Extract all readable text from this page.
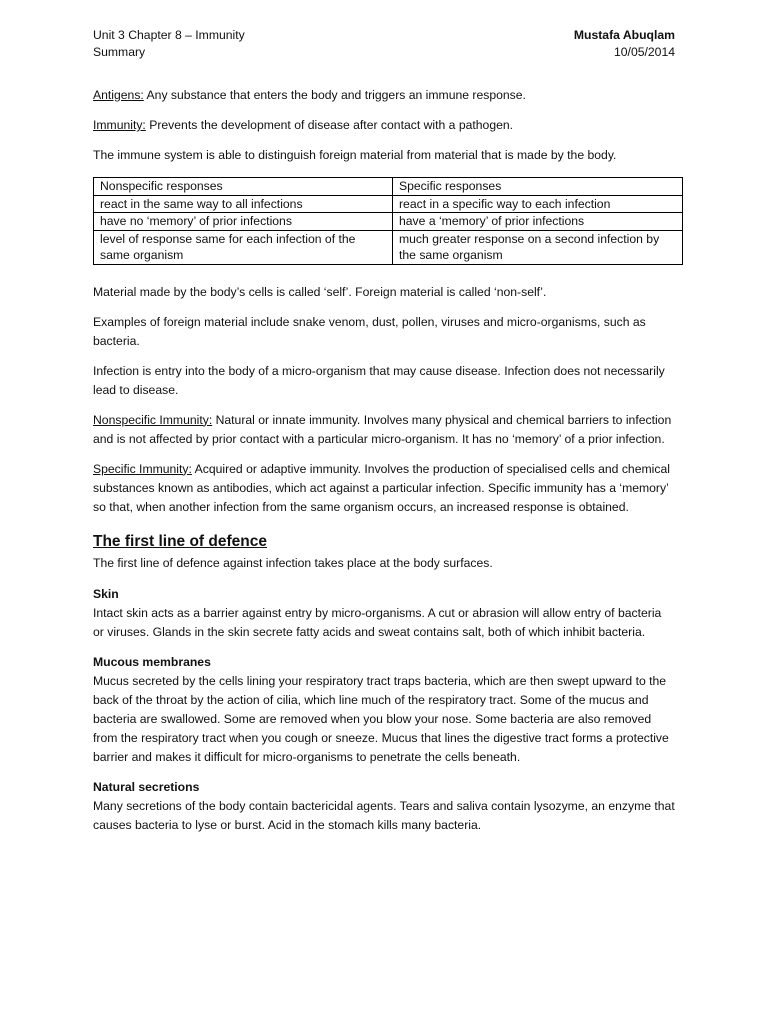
Unit 3 Chapter 8 – Immunity
Summary
Mustafa Abuqlam
10/05/2014

Antigens: Any substance that enters the body and triggers an immune response.

Immunity: Prevents the development of disease after contact with a pathogen.

The immune system is able to distinguish foreign material from material that is made by the body.

Nonspecific responses	Specific responses
react in the same way to all infections	react in a specific way to each infection
have no ‘memory’ of prior infections	have a ‘memory’ of prior infections
level of response same for each infection of the same organism	much greater response on a second infection by the same organism

Material made by the body’s cells is called ‘self’. Foreign material is called ‘non-self’.

Examples of foreign material include snake venom, dust, pollen, viruses and micro-organisms, such as bacteria.

Infection is entry into the body of a micro-organism that may cause disease. Infection does not necessarily lead to disease.

Nonspecific Immunity: Natural or innate immunity. Involves many physical and chemical barriers to infection and is not affected by prior contact with a particular micro-organism. It has no ‘memory’ of a prior infection.

Specific Immunity: Acquired or adaptive immunity. Involves the production of specialised cells and chemical substances known as antibodies, which act against a particular infection. Specific immunity has a ‘memory’ so that, when another infection from the same organism occurs, an increased response is obtained.

The first line of defence

The first line of defence against infection takes place at the body surfaces.

Skin

Intact skin acts as a barrier against entry by micro-organisms. A cut or abrasion will allow entry of bacteria or viruses. Glands in the skin secrete fatty acids and sweat contains salt, both of which inhibit bacteria.

Mucous membranes

Mucus secreted by the cells lining your respiratory tract traps bacteria, which are then swept upward to the back of the throat by the action of cilia, which line much of the respiratory tract. Some of the mucus and bacteria are swallowed. Some are removed when you blow your nose. Some bacteria are also removed from the respiratory tract when you cough or sneeze. Mucus that lines the digestive tract forms a protective barrier and makes it difficult for micro-organisms to penetrate the cells beneath.

Natural secretions

Many secretions of the body contain bactericidal agents. Tears and saliva contain lysozyme, an enzyme that causes bacteria to lyse or burst. Acid in the stomach kills many bacteria.
